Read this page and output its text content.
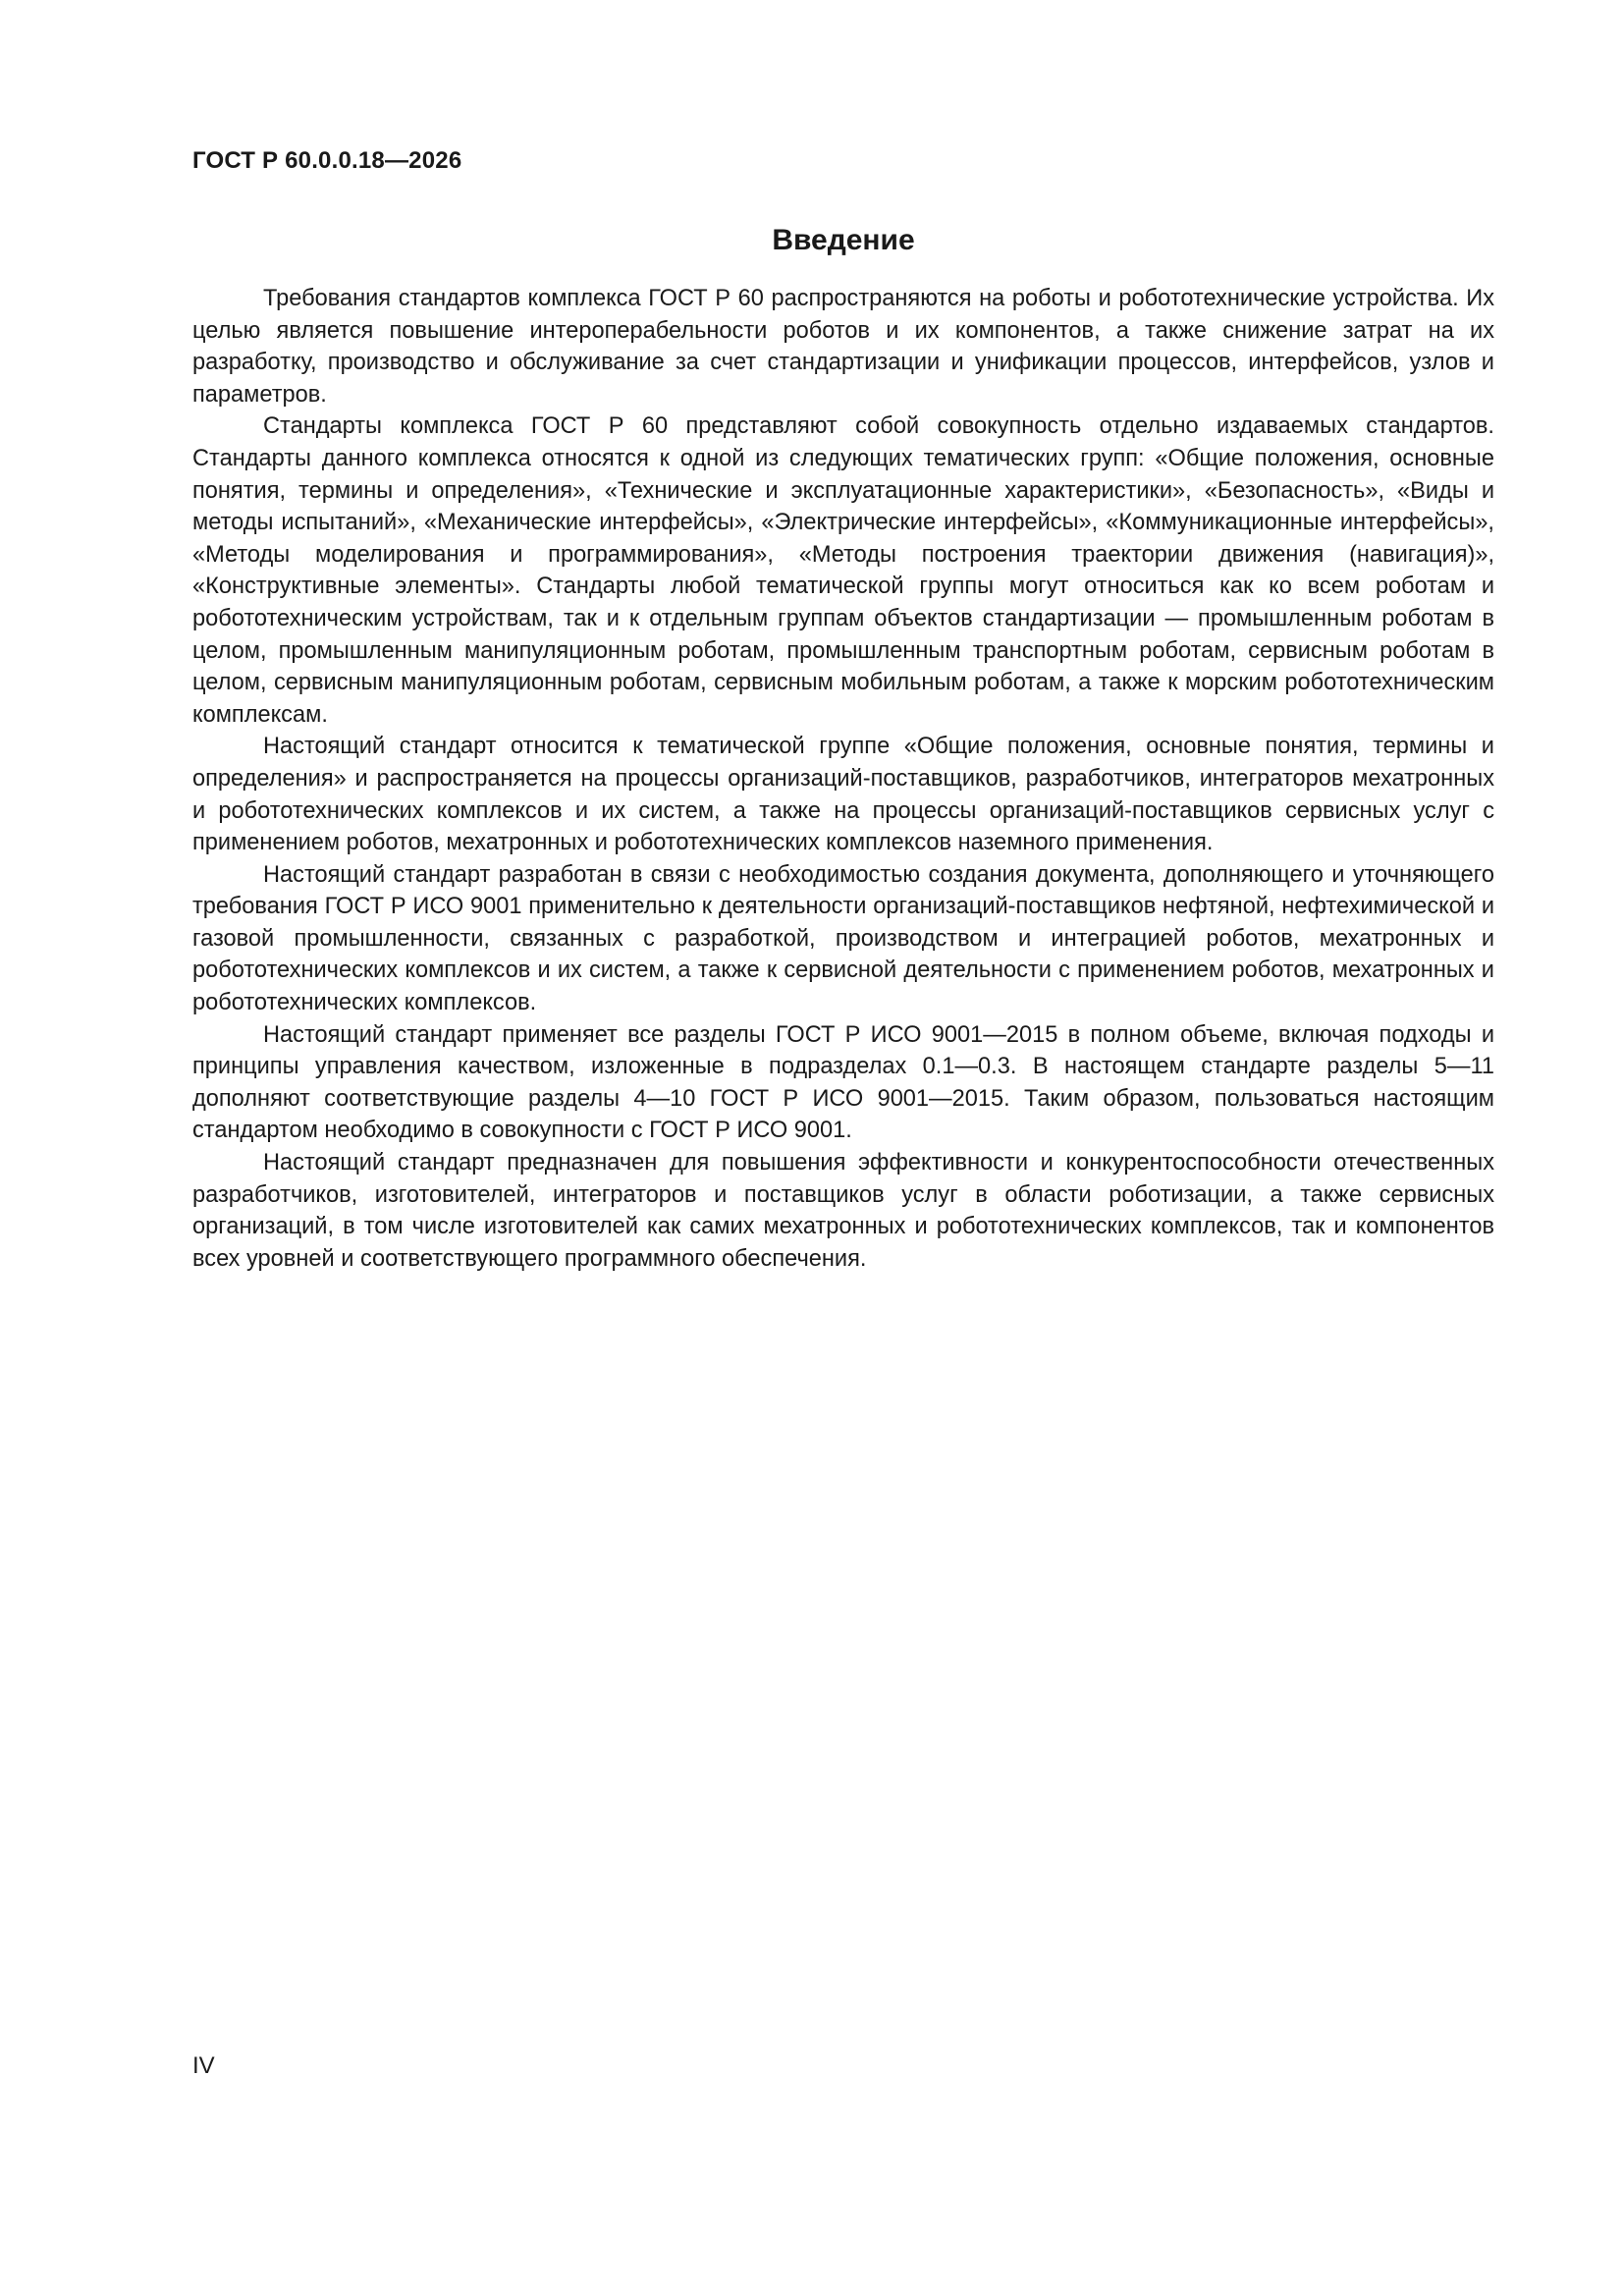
ГОСТ Р 60.0.0.18—2026

Введение

Требования стандартов комплекса ГОСТ Р 60 распространяются на роботы и робототехнические устройства. Их целью является повышение интероперабельности роботов и их компонентов, а также снижение затрат на их разработку, производство и обслуживание за счет стандартизации и унификации процессов, интерфейсов, узлов и параметров.

Стандарты комплекса ГОСТ Р 60 представляют собой совокупность отдельно издаваемых стандартов. Стандарты данного комплекса относятся к одной из следующих тематических групп: «Общие положения, основные понятия, термины и определения», «Технические и эксплуатационные характеристики», «Безопасность», «Виды и методы испытаний», «Механические интерфейсы», «Электрические интерфейсы», «Коммуникационные интерфейсы», «Методы моделирования и программирования», «Методы построения траектории движения (навигация)», «Конструктивные элементы». Стандарты любой тематической группы могут относиться как ко всем роботам и робототехническим устройствам, так и к отдельным группам объектов стандартизации — промышленным роботам в целом, промышленным манипуляционным роботам, промышленным транспортным роботам, сервисным роботам в целом, сервисным манипуляционным роботам, сервисным мобильным роботам, а также к морским робототехническим комплексам.

Настоящий стандарт относится к тематической группе «Общие положения, основные понятия, термины и определения» и распространяется на процессы организаций-поставщиков, разработчиков, интеграторов мехатронных и робототехнических комплексов и их систем, а также на процессы организаций-поставщиков сервисных услуг с применением роботов, мехатронных и робототехнических комплексов наземного применения.

Настоящий стандарт разработан в связи с необходимостью создания документа, дополняющего и уточняющего требования ГОСТ Р ИСО 9001 применительно к деятельности организаций-поставщиков нефтяной, нефтехимической и газовой промышленности, связанных с разработкой, производством и интеграцией роботов, мехатронных и робототехнических комплексов и их систем, а также к сервисной деятельности с применением роботов, мехатронных и робототехнических комплексов.

Настоящий стандарт применяет все разделы ГОСТ Р ИСО 9001—2015 в полном объеме, включая подходы и принципы управления качеством, изложенные в подразделах 0.1—0.3. В настоящем стандарте разделы 5—11 дополняют соответствующие разделы 4—10 ГОСТ Р ИСО 9001—2015. Таким образом, пользоваться настоящим стандартом необходимо в совокупности с ГОСТ Р ИСО 9001.

Настоящий стандарт предназначен для повышения эффективности и конкурентоспособности отечественных разработчиков, изготовителей, интеграторов и поставщиков услуг в области роботизации, а также сервисных организаций, в том числе изготовителей как самих мехатронных и робототехнических комплексов, так и компонентов всех уровней и соответствующего программного обеспечения.

IV
